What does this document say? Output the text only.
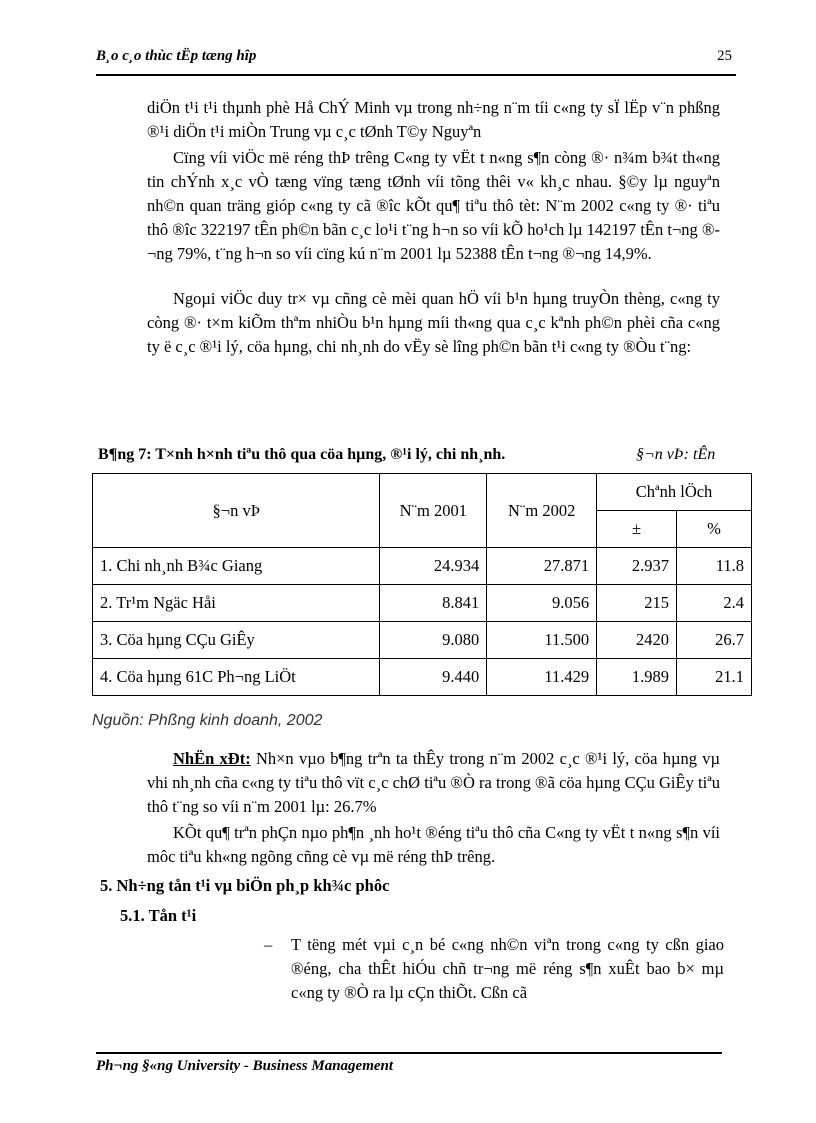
B¸o c¸o thùc tËp tæng hîp	25
diÖn t¹i t¹i thµnh phè Hå ChÝ Minh vµ trong nh÷ng n¨m tíi c«ng ty sÏ lËp v¨n phßng ®¹i diÖn t¹i miÒn Trung vµ c¸c tØnh T©y Nguyªn
Cïng víi viÖc më réng thÞ trêng C«ng ty vËt t n«ng s¶n còng ®· n¾m b¾t th«ng tin chÝnh x¸c vÒ tæng vïng tæng tØnh víi tõng thêi v« kh¸c nhau. §©y lµ nguyªn nh©n quan träng gióp c«ng ty cã ®îc kÕt qu¶ tiªu thô tèt: N¨m 2002 c«ng ty ®· tiªu thô ®îc 322197 tÊn ph©n bãn c¸c lo¹i t¨ng h¬n so víi kÕ ho¹ch lµ 142197 tÊn t¬ng ®¬ng 79%, t¨ng h¬n so víi cïng kú n¨m 2001 lµ 52388 tÊn t¬ng ®¬ng 14,9%.
Ngoµi viÖc duy tr× vµ cñng cè mèi quan hÖ víi b¹n hµng truyÒn thèng, c«ng ty còng ®· t×m kiÕm thªm nhiÒu b¹n hµng míi th«ng qua c¸c kªnh ph©n phèi cña c«ng ty ë c¸c ®¹i lý, cöa hµng, chi nh¸nh do vËy sè lîng ph©n bãn t¹i c«ng ty ®Òu t¨ng:
B¶ng 7: T×nh h×nh tiªu thô qua cöa hµng, ®¹i lý, chi nh¸nh.	§¬n vÞ: tÊn
§¬n vÞ	N¨m 2001	N¨m 2002	Chªnh lÖch	
			±	%
1. Chi nh¸nh B¾c Giang	24.934	27.871	2.937	11.8
2. Tr¹m Ngäc Håi	8.841	9.056	215	2.4
3. Cöa hµng CÇu GiÊy	9.080	11.500	2420	26.7
4. Cöa hµng 61C Ph¬ng LiÖt	9.440	11.429	1.989	21.1
Nguồn: Phßng kinh doanh, 2002
NhËn xÐt: Nh×n vµo b¶ng trªn ta thÊy trong n¨m 2002 c¸c ®¹i lý, cöa hµng vµ vhi nh¸nh cña c«ng ty tiªu thô vït c¸c chØ tiªu ®Ò ra trong ®ã cöa hµng CÇu GiÊy tiªu thô t¨ng so víi n¨m 2001 lµ: 26.7%
KÕt qu¶ trªn phÇn nµo ph¶n ¸nh ho¹t ®éng tiªu thô cña C«ng ty vËt t n«ng s¶n víi môc tiªu kh«ng ngõng cñng cè vµ më réng thÞ trêng.
5. Nh÷ng tån t¹i vµ biÖn ph¸p kh¾c phôc
5.1. Tån t¹i
–	T tëng mét vµi c¸n bé c«ng nh©n viªn trong c«ng ty cßn giao ®éng, cha thÊt hiÓu chñ tr¬ng më réng s¶n xuÊt bao b× mµ c«ng ty ®Ò ra lµ cÇn thiÕt. Cßn cã
Ph¬ng §«ng University - Business Management
